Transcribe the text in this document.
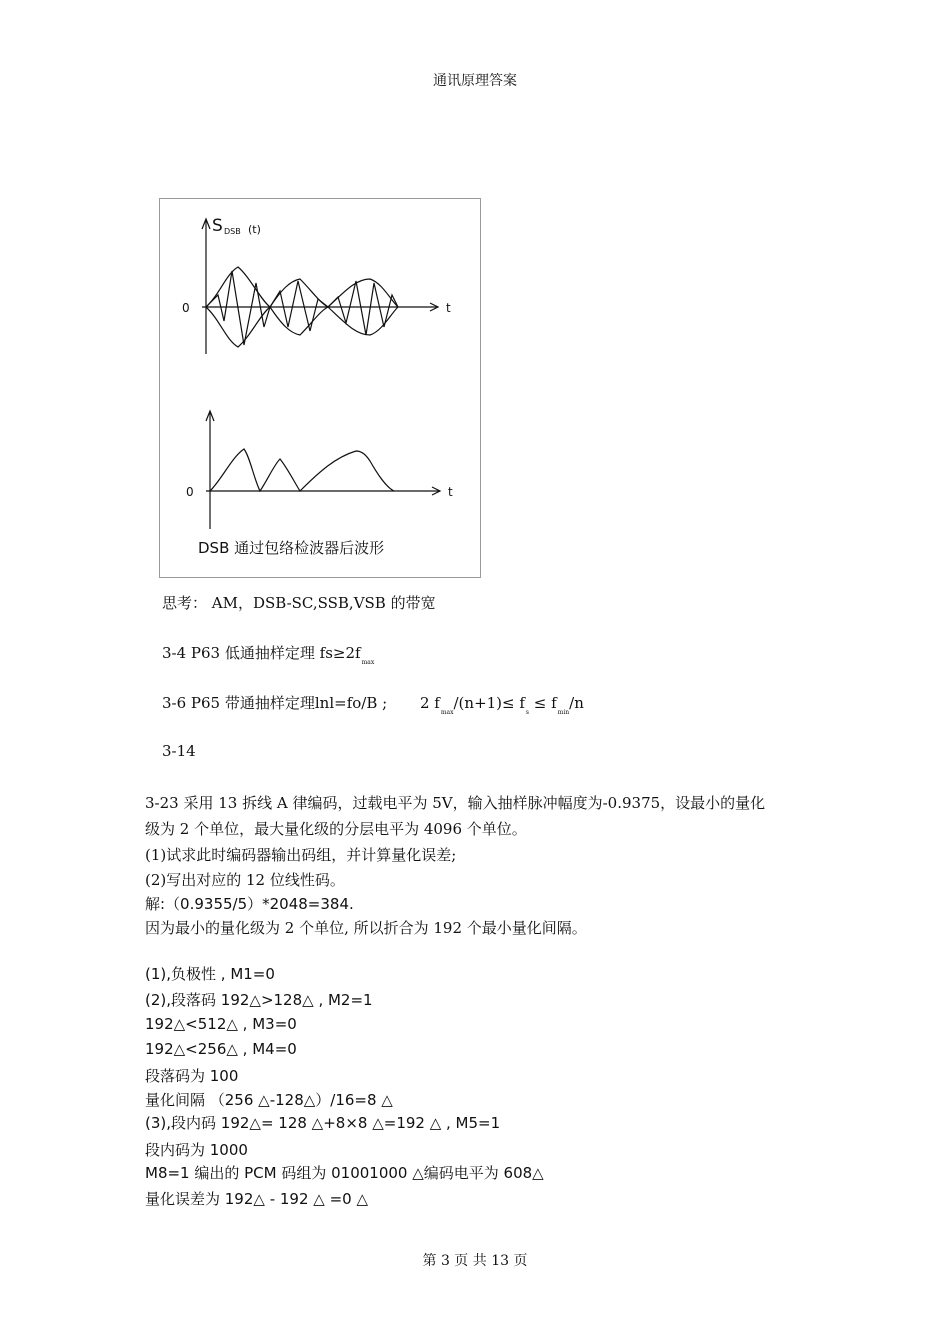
通讯原理答案
S DSB (t)
0	t
0	t
DSB 通过包络检波器后波形
思考： AM，DSB-SC,SSB,VSB 的带宽
3-4 P63 低通抽样定理 $fs\ge 2f_{max}$
3-6 P65 带通抽样定理lnl=fo/B ; 2 $f_{max}/(n+1)\le f_s \le f_{min}/n$
3-14
3-23 采用 13 拆线 A 律编码，过载电平为 5V，输入抽样脉冲幅度为-0.9375，设最小的量化
级为 2 个单位，最大量化级的分层电平为 4096 个单位。
(1)试求此时编码器输出码组，并计算量化误差;
(2)写出对应的 12 位线性码。
解:（0.9355/5）*2048=384.
因为最小的量化级为 2 个单位, 所以折合为 192 个最小量化间隔。
(1),负极性 , M1=0
(2),段落码 192△>128△ , M2=1
192△<512△ , M3=0
192△<256△ , M4=0
段落码为 100
量化间隔 （256 △-128△）/16=8 △
(3),段内码 192△= 128 △+8×8 △=192 △ , M5=1
段内码为 1000
M8=1 编出的 PCM 码组为 01001000 △编码电平为 608△
量化误差为 192△ - 192 △ =0 △
第 3 页 共 13 页
